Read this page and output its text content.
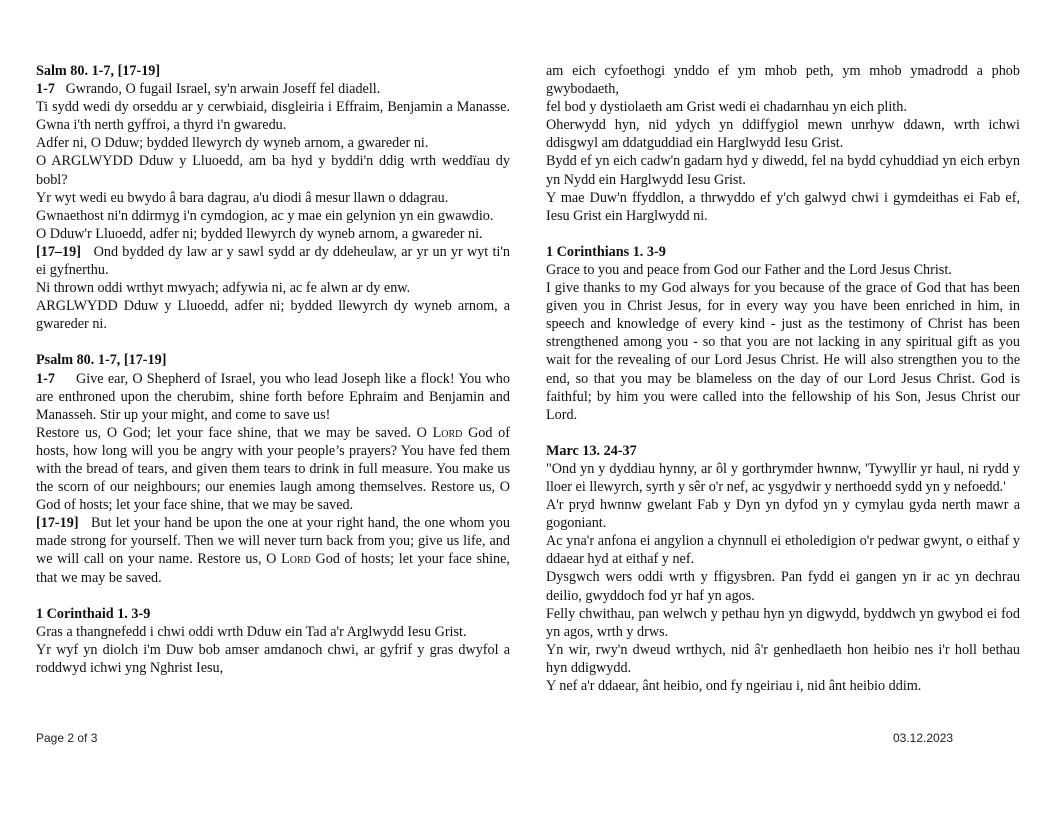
Salm 80. 1-7, [17-19]

1-7 Gwrando, O fugail Israel, sy'n arwain Joseff fel diadell.

Ti sydd wedi dy orseddu ar y cerwbiaid, disgleiria i Effraim, Benjamin a Manasse. Gwna i'th nerth gyffroi, a thyrd i'n gwaredu.

Adfer ni, O Dduw; bydded llewyrch dy wyneb arnom, a gwareder ni.

O ARGLWYDD Dduw y Lluoedd, am ba hyd y byddi'n ddig wrth weddïau dy bobl?

Yr wyt wedi eu bwydo â bara dagrau, a'u diodi â mesur llawn o ddagrau.

Gwnaethost ni'n ddirmyg i'n cymdogion, ac y mae ein gelynion yn ein gwawdio.

O Dduw'r Lluoedd, adfer ni; bydded llewyrch dy wyneb arnom, a gwareder ni.

[17–19] Ond bydded dy law ar y sawl sydd ar dy ddeheulaw, ar yr un yr wyt ti'n ei gyfnerthu.

Ni thrown oddi wrthyt mwyach; adfywia ni, ac fe alwn ar dy enw.

ARGLWYDD Dduw y Lluoedd, adfer ni; bydded llewyrch dy wyneb arnom, a gwareder ni.

Psalm 80. 1-7, [17-19]

1-7 Give ear, O Shepherd of Israel, you who lead Joseph like a flock! You who are enthroned upon the cherubim, shine forth before Ephraim and Benjamin and Manasseh. Stir up your might, and come to save us!

Restore us, O God; let your face shine, that we may be saved. O Lord God of hosts, how long will you be angry with your people’s prayers? You have fed them with the bread of tears, and given them tears to drink in full measure. You make us the scorn of our neighbours; our enemies laugh among themselves. Restore us, O God of hosts; let your face shine, that we may be saved.

[17-19] But let your hand be upon the one at your right hand, the one whom you made strong for yourself. Then we will never turn back from you; give us life, and we will call on your name. Restore us, O Lord God of hosts; let your face shine, that we may be saved.

1 Corinthaid 1. 3-9

Gras a thangnefedd i chwi oddi wrth Dduw ein Tad a'r Arglwydd Iesu Grist.

Yr wyf yn diolch i'm Duw bob amser amdanoch chwi, ar gyfrif y gras dwyfol a roddwyd ichwi yng Nghrist Iesu,

am eich cyfoethogi ynddo ef ym mhob peth, ym mhob ymadrodd a phob gwybodaeth,

fel bod y dystiolaeth am Grist wedi ei chadarnhau yn eich plith.

Oherwydd hyn, nid ydych yn ddiffygiol mewn unrhyw ddawn, wrth ichwi ddisgwyl am ddatguddiad ein Harglwydd Iesu Grist.

Bydd ef yn eich cadw'n gadarn hyd y diwedd, fel na bydd cyhuddiad yn eich erbyn yn Nydd ein Harglwydd Iesu Grist.

Y mae Duw'n ffyddlon, a thrwyddo ef y'ch galwyd chwi i gymdeithas ei Fab ef, Iesu Grist ein Harglwydd ni.

1 Corinthians 1. 3-9

Grace to you and peace from God our Father and the Lord Jesus Christ.

I give thanks to my God always for you because of the grace of God that has been given you in Christ Jesus, for in every way you have been enriched in him, in speech and knowledge of every kind - just as the testimony of Christ has been strengthened among you - so that you are not lacking in any spiritual gift as you wait for the revealing of our Lord Jesus Christ. He will also strengthen you to the end, so that you may be blameless on the day of our Lord Jesus Christ. God is faithful; by him you were called into the fellowship of his Son, Jesus Christ our Lord.

Marc 13. 24-37

"Ond yn y dyddiau hynny, ar ôl y gorthrymder hwnnw, 'Tywyllir yr haul, ni rydd y lloer ei llewyrch, syrth y sêr o'r nef, ac ysgydwir y nerthoedd sydd yn y nefoedd.'

A'r pryd hwnnw gwelant Fab y Dyn yn dyfod yn y cymylau gyda nerth mawr a gogoniant.

Ac yna'r anfona ei angylion a chynnull ei etholedigion o'r pedwar gwynt, o eithaf y ddaear hyd at eithaf y nef.

Dysgwch wers oddi wrth y ffigysbren. Pan fydd ei gangen yn ir ac yn dechrau deilio, gwyddoch fod yr haf yn agos.

Felly chwithau, pan welwch y pethau hyn yn digwydd, byddwch yn gwybod ei fod yn agos, wrth y drws.

Yn wir, rwy'n dweud wrthych, nid â'r genhedlaeth hon heibio nes i'r holl bethau hyn ddigwydd.

Y nef a'r ddaear, ânt heibio, ond fy ngeiriau i, nid ânt heibio ddim.

Page 2 of 3	03.12.2023
